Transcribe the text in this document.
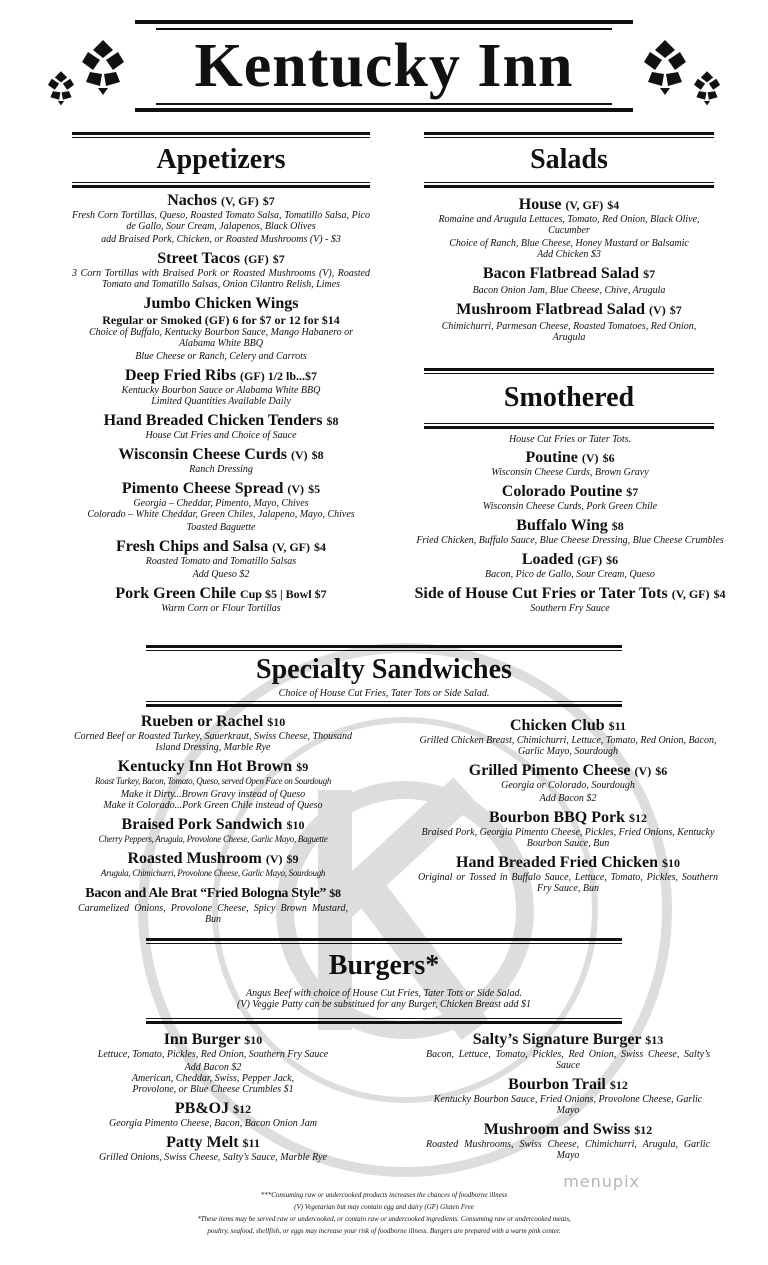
Kentucky Inn
Appetizers
Nachos (V, GF) $7
Fresh Corn Tortillas, Queso, Roasted Tomato Salsa, Tomatillo Salsa, Pico de Gallo, Sour Cream, Jalapenos, Black Olives
add Braised Pork, Chicken, or Roasted Mushrooms (V) - $3
Street Tacos (GF) $7
3 Corn Tortillas with Braised Pork or Roasted Mushrooms (V), Roasted Tomato and Tomatillo Salsas, Onion Cilantro Relish, Limes
Jumbo Chicken Wings
Regular or Smoked (GF) 6 for $7 or 12 for $14
Choice of Buffalo, Kentucky Bourbon Sauce, Mango Habanero or Alabama White BBQ
Blue Cheese or Ranch, Celery and Carrots
Deep Fried Ribs (GF) 1/2 lb...$7
Kentucky Bourbon Sauce or Alabama White BBQ
Limited Quantities Available Daily
Hand Breaded Chicken Tenders $8
House Cut Fries and Choice of Sauce
Wisconsin Cheese Curds (V) $8
Ranch Dressing
Pimento Cheese Spread (V) $5
Georgia – Cheddar, Pimento, Mayo, Chives
Colorado – White Cheddar, Green Chiles, Jalapeno, Mayo, Chives
Toasted Baguette
Fresh Chips and Salsa (V, GF) $4
Roasted Tomato and Tomatillo Salsas
Add Queso $2
Pork Green Chile Cup $5 | Bowl $7
Warm Corn or Flour Tortillas
Salads
House (V, GF) $4
Romaine and Arugula Lettuces, Tomato, Red Onion, Black Olive, Cucumber
Choice of Ranch, Blue Cheese, Honey Mustard or Balsamic
Add Chicken $3
Bacon Flatbread Salad $7
Bacon Onion Jam, Blue Cheese, Chive, Arugula
Mushroom Flatbread Salad (V) $7
Chimichurri, Parmesan Cheese, Roasted Tomatoes, Red Onion, Arugula
Smothered
House Cut Fries or Tater Tots.
Poutine (V) $6
Wisconsin Cheese Curds, Brown Gravy
Colorado Poutine $7
Wisconsin Cheese Curds, Pork Green Chile
Buffalo Wing $8
Fried Chicken, Buffalo Sauce, Blue Cheese Dressing, Blue Cheese Crumbles
Loaded (GF) $6
Bacon, Pico de Gallo, Sour Cream, Queso
Side of House Cut Fries or Tater Tots (V, GF) $4
Southern Fry Sauce
Specialty Sandwiches
Choice of House Cut Fries, Tater Tots or Side Salad.
Rueben or Rachel $10
Corned Beef or Roasted Turkey, Sauerkraut, Swiss Cheese, Thousand Island Dressing, Marble Rye
Kentucky Inn Hot Brown $9
Roast Turkey, Bacon, Tomato, Queso, served Open Face on Sourdough
Make it Dirty...Brown Gravy instead of Queso
Make it Colorado...Pork Green Chile instead of Queso
Braised Pork Sandwich $10
Cherry Peppers, Arugula, Provolone Cheese, Garlic Mayo, Baguette
Roasted Mushroom (V) $9
Arugula, Chimichurri, Provolone Cheese, Garlic Mayo, Sourdough
Bacon and Ale Brat “Fried Bologna Style” $8
Caramelized Onions, Provolone Cheese, Spicy Brown Mustard, Bun
Chicken Club $11
Grilled Chicken Breast, Chimichurri, Lettuce, Tomato, Red Onion, Bacon, Garlic Mayo, Sourdough
Grilled Pimento Cheese (V) $6
Georgia or Colorado, Sourdough
Add Bacon $2
Bourbon BBQ Pork $12
Braised Pork, Georgia Pimento Cheese, Pickles, Fried Onions, Kentucky Bourbon Sauce, Bun
Hand Breaded Fried Chicken $10
Original or Tossed in Buffalo Sauce, Lettuce, Tomato, Pickles, Southern Fry Sauce, Bun
Burgers*
Angus Beef with choice of House Cut Fries, Tater Tots or Side Salad.
(V) Veggie Patty can be substitued for any Burger, Chicken Breast add $1
Inn Burger $10
Lettuce, Tomato, Pickles, Red Onion, Southern Fry Sauce
Add Bacon $2
American, Cheddar, Swiss, Pepper Jack, Provolone, or Blue Cheese Crumbles $1
PB&OJ $12
Georgia Pimento Cheese, Bacon, Bacon Onion Jam
Patty Melt $11
Grilled Onions, Swiss Cheese, Salty’s Sauce, Marble Rye
Salty’s Signature Burger $13
Bacon, Lettuce, Tomato, Pickles, Red Onion, Swiss Cheese, Salty’s Sauce
Bourbon Trail $12
Kentucky Bourbon Sauce, Fried Onions, Provolone Cheese, Garlic Mayo
Mushroom and Swiss $12
Roasted Mushrooms, Swiss Cheese, Chimichurri, Arugula, Garlic Mayo
***Consuming raw or undercooked products increases the chances of foodborne illness
(V) Vegetarian but may contain egg and dairy (GF) Gluten Free
*These items may be served raw or undercooked, or contain raw or undercooked ingredients. Consuming raw or undercooked meats,
poultry, seafood, shellfish, or eggs may increase your risk of foodborne illness. Burgers are prepared with a warm pink center.
menupix
